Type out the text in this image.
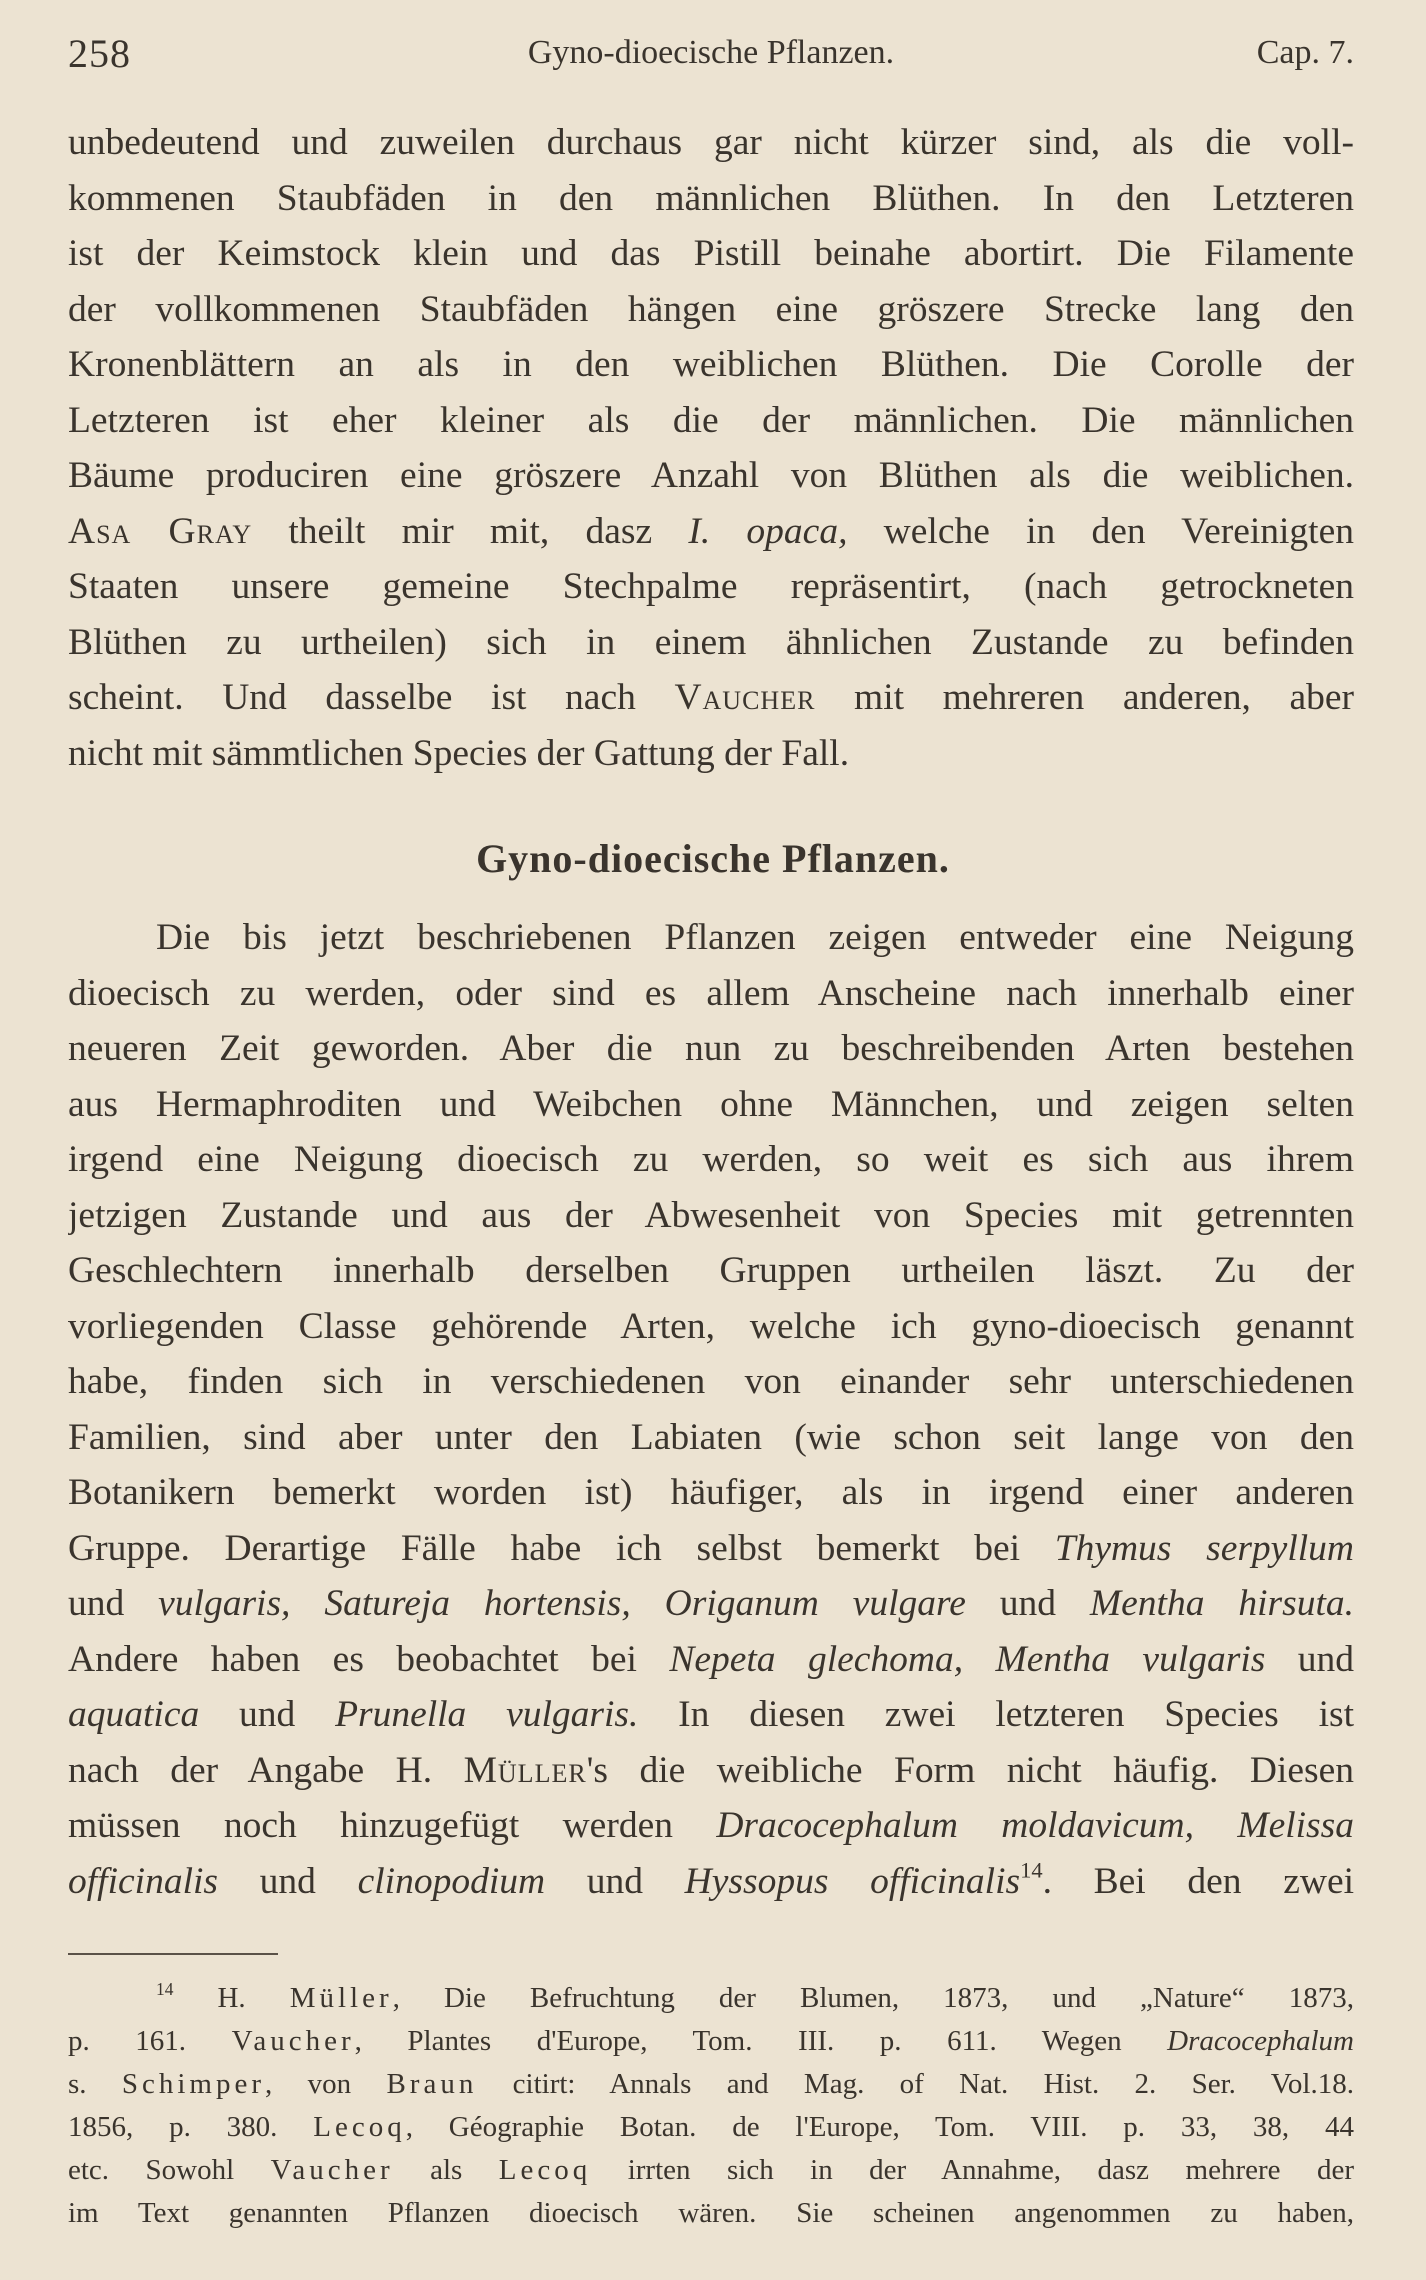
258	Gyno-dioecische Pflanzen.	Cap. 7.
unbedeutend und zuweilen durchaus gar nicht kürzer sind, als die voll-
kommenen Staubfäden in den männlichen Blüthen. In den Letzteren
ist der Keimstock klein und das Pistill beinahe abortirt. Die Filamente
der vollkommenen Staubfäden hängen eine gröszere Strecke lang den
Kronenblättern an als in den weiblichen Blüthen. Die Corolle der
Letzteren ist eher kleiner als die der männlichen. Die männlichen
Bäume produciren eine gröszere Anzahl von Blüthen als die weiblichen.
Asa Gray theilt mir mit, dasz I. opaca, welche in den Vereinigten
Staaten unsere gemeine Stechpalme repräsentirt, (nach getrockneten
Blüthen zu urtheilen) sich in einem ähnlichen Zustande zu befinden
scheint. Und dasselbe ist nach Vaucher mit mehreren anderen, aber
nicht mit sämmtlichen Species der Gattung der Fall.
Gyno-dioecische Pflanzen.
Die bis jetzt beschriebenen Pflanzen zeigen entweder eine Neigung
dioecisch zu werden, oder sind es allem Anscheine nach innerhalb einer
neueren Zeit geworden. Aber die nun zu beschreibenden Arten bestehen
aus Hermaphroditen und Weibchen ohne Männchen, und zeigen selten
irgend eine Neigung dioecisch zu werden, so weit es sich aus ihrem
jetzigen Zustande und aus der Abwesenheit von Species mit getrennten
Geschlechtern innerhalb derselben Gruppen urtheilen läszt. Zu der
vorliegenden Classe gehörende Arten, welche ich gyno-dioecisch genannt
habe, finden sich in verschiedenen von einander sehr unterschiedenen
Familien, sind aber unter den Labiaten (wie schon seit lange von den
Botanikern bemerkt worden ist) häufiger, als in irgend einer anderen
Gruppe. Derartige Fälle habe ich selbst bemerkt bei Thymus serpyllum
und vulgaris, Satureja hortensis, Origanum vulgare und Mentha hirsuta.
Andere haben es beobachtet bei Nepeta glechoma, Mentha vulgaris und
aquatica und Prunella vulgaris. In diesen zwei letzteren Species ist
nach der Angabe H. Müller's die weibliche Form nicht häufig. Diesen
müssen noch hinzugefügt werden Dracocephalum moldavicum, Melissa
officinalis und clinopodium und Hyssopus officinalis$^{14}$. Bei den zwei
$^{14}$ H. Müller, Die Befruchtung der Blumen, 1873, und „Nature“ 1873,
p. 161. Vaucher, Plantes d'Europe, Tom. III. p. 611. Wegen Dracocephalum
s. Schimper, von Braun citirt: Annals and Mag. of Nat. Hist. 2. Ser. Vol.18.
1856, p. 380. Lecoq, Géographie Botan. de l'Europe, Tom. VIII. p. 33, 38, 44
etc. Sowohl Vaucher als Lecoq irrten sich in der Annahme, dasz mehrere der
im Text genannten Pflanzen dioecisch wären. Sie scheinen angenommen zu haben,
